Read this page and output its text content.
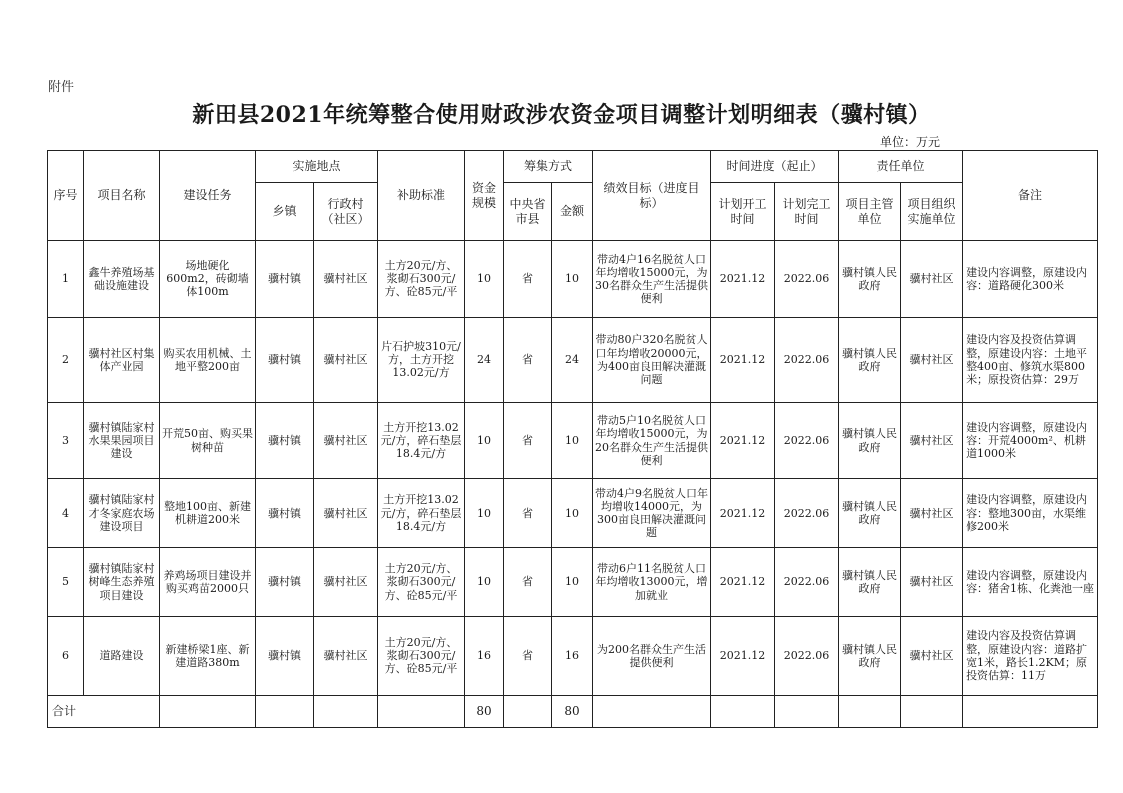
附件
新田县2021年统筹整合使用财政涉农资金项目调整计划明细表（骥村镇）
单位：万元
序号	项目名称	建设任务	实施地点		补助标准	资金规模	筹集方式		绩效目标（进度目标）	时间进度（起止）		责任单位		备注
			乡镇	行政村（社区）			中央省市县	金额		计划开工时间	计划完工时间	项目主管单位	项目组织实施单位	
1	鑫牛养殖场基础设施建设	场地硬化600m2，砖砌墙体100m	骥村镇	骥村社区	土方20元/方、浆砌石300元/方、砼85元/平	10	省	10	带动4户16名脱贫人口年均增收15000元，为30名群众生产生活提供便利	2021.12	2022.06	骥村镇人民政府	骥村社区	建设内容调整，原建设内容：道路硬化300米
2	骥村社区村集体产业园	购买农用机械、土地平整200亩	骥村镇	骥村社区	片石护坡310元/方，土方开挖13.02元/方	24	省	24	带动80户320名脱贫人口年均增收20000元，为400亩良田解决灌溉问题	2021.12	2022.06	骥村镇人民政府	骥村社区	建设内容及投资估算调整，原建设内容：土地平整400亩、修筑水渠800米；原投资估算：29万
3	骥村镇陆家村水果果园项目建设	开荒50亩、购买果树种苗	骥村镇	骥村社区	土方开挖13.02元/方，碎石垫层18.4元/方	10	省	10	带动5户10名脱贫人口年均增收15000元，为20名群众生产生活提供便利	2021.12	2022.06	骥村镇人民政府	骥村社区	建设内容调整，原建设内容：开荒4000m²、机耕道1000米
4	骥村镇陆家村才冬家庭农场建设项目	整地100亩、新建机耕道200米	骥村镇	骥村社区	土方开挖13.02元/方，碎石垫层18.4元/方	10	省	10	带动4户9名脱贫人口年均增收14000元，为300亩良田解决灌溉问题	2021.12	2022.06	骥村镇人民政府	骥村社区	建设内容调整，原建设内容：整地300亩，水渠维修200米
5	骥村镇陆家村树峰生态养殖项目建设	养鸡场项目建设并购买鸡苗2000只	骥村镇	骥村社区	土方20元/方、浆砌石300元/方、砼85元/平	10	省	10	带动6户11名脱贫人口年均增收13000元，增加就业	2021.12	2022.06	骥村镇人民政府	骥村社区	建设内容调整，原建设内容：猪舍1栋、化粪池一座
6	道路建设	新建桥梁1座、新建道路380m	骥村镇	骥村社区	土方20元/方、浆砌石300元/方、砼85元/平	16	省	16	为200名群众生产生活提供便利	2021.12	2022.06	骥村镇人民政府	骥村社区	建设内容及投资估算调整，原建设内容：道路扩宽1米，路长1.2KM；原投资估算：11万
合计						80		80						
